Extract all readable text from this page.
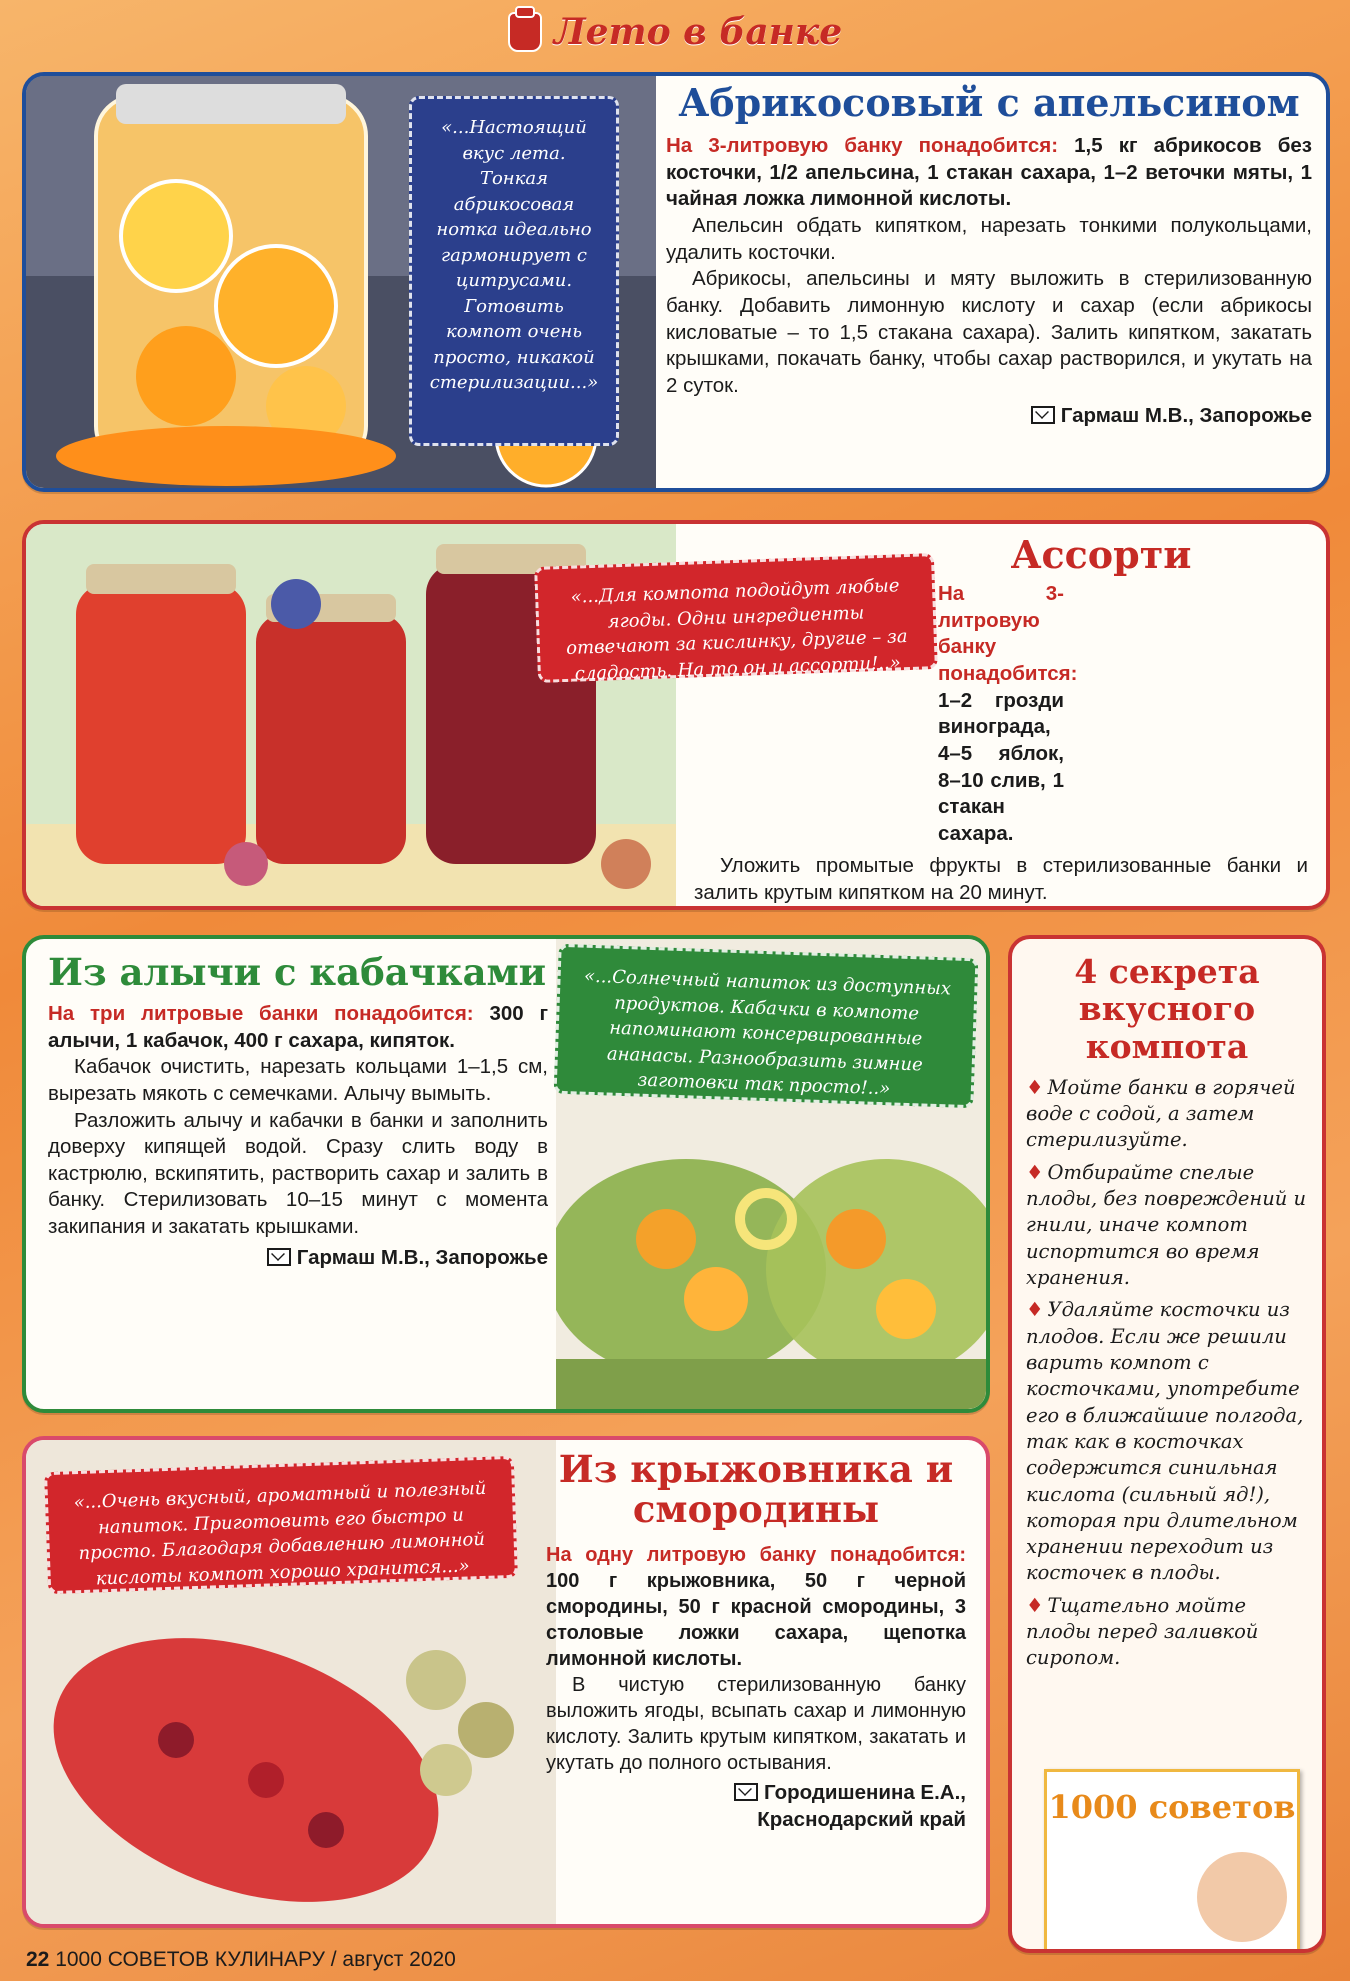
Лето в банке
«...Настоящий вкус лета. Тонкая абрикосовая нотка идеально гармонирует с цитрусами. Готовить компот очень просто, никакой стерилизации...»
Абрикосовый с апельсином

На 3-литровую банку понадобится: 1,5 кг абрикосов без косточки, 1/2 апельсина, 1 стакан сахара, 1–2 веточки мяты, 1 чайная ложка лимонной кислоты.

Апельсин обдать кипятком, нарезать тонкими полукольцами, удалить косточки.

Абрикосы, апельсины и мяту выложить в стерилизованную банку. Добавить лимонную кислоту и сахар (если абрикосы кисловатые – то 1,5 стакана сахара). Залить кипятком, закатать крышками, покачать банку, чтобы сахар растворился, и укутать на 2 суток.

Гармаш М.В., Запорожье
«...Для компота подойдут любые ягоды. Одни ингредиенты отвечают за кислинку, другие – за сладость. На то он и ассорти!..»
Ассорти

На 3-литровую банку понадобится: 1–2 грозди винограда, 4–5 яблок, 8–10 слив, 1 стакан сахара.

Уложить промытые фрукты в стерилизованные банки и залить крутым кипятком на 20 минут.

«...Солнечный напиток из доступных продуктов. Кабачки в компоте напоминают консервированные ананасы. Разнообразить зимние заготовки так просто!..»
Из алычи с кабачками

На три литровые банки понадобится: 300 г алычи, 1 кабачок, 400 г сахара, кипяток.

Кабачок очистить, нарезать кольцами 1–1,5 см, вырезать мякоть с семечками. Алычу вымыть.

Разложить алычу и кабачки в банки и заполнить доверху кипящей водой. Сразу слить воду в кастрюлю, вскипятить, растворить сахар и залить в банку. Стерилизовать 10–15 минут с момента закипания и закатать крышками.

Гармаш М.В., Запорожье
«...Очень вкусный, ароматный и полезный напиток. Приготовить его быстро и просто. Благодаря добавлению лимонной кислоты компот хорошо хранится...»
Из крыжовника и смородины

На одну литровую банку понадобится: 100 г крыжовника, 50 г черной смородины, 50 г красной смородины, 3 столовые ложки сахара, щепотка лимонной кислоты.

В чистую стерилизованную банку выложить ягоды, всыпать сахар и лимонную кислоту. Залить крутым кипятком, закатать и укутать до полного остывания.

Городишенина Е.А.,
Краснодарский край
4 секрета вкусного компота
♦ Мойте банки в горячей воде с содой, а затем стерилизуйте.
♦ Отбирайте спелые плоды, без повреждений и гнили, иначе компот испортится во время хранения.
♦ Удаляйте косточки из плодов. Если же решили варить компот с косточками, употребите его в ближайшие полгода, так как в косточках содержится синильная кислота (сильный яд!), которая при длительном хранении переходит из косточек в плоды.
♦ Тщательно мойте плоды перед заливкой сиропом.
1000 советов
22 1000 СОВЕТОВ КУЛИНАРУ / август 2020
